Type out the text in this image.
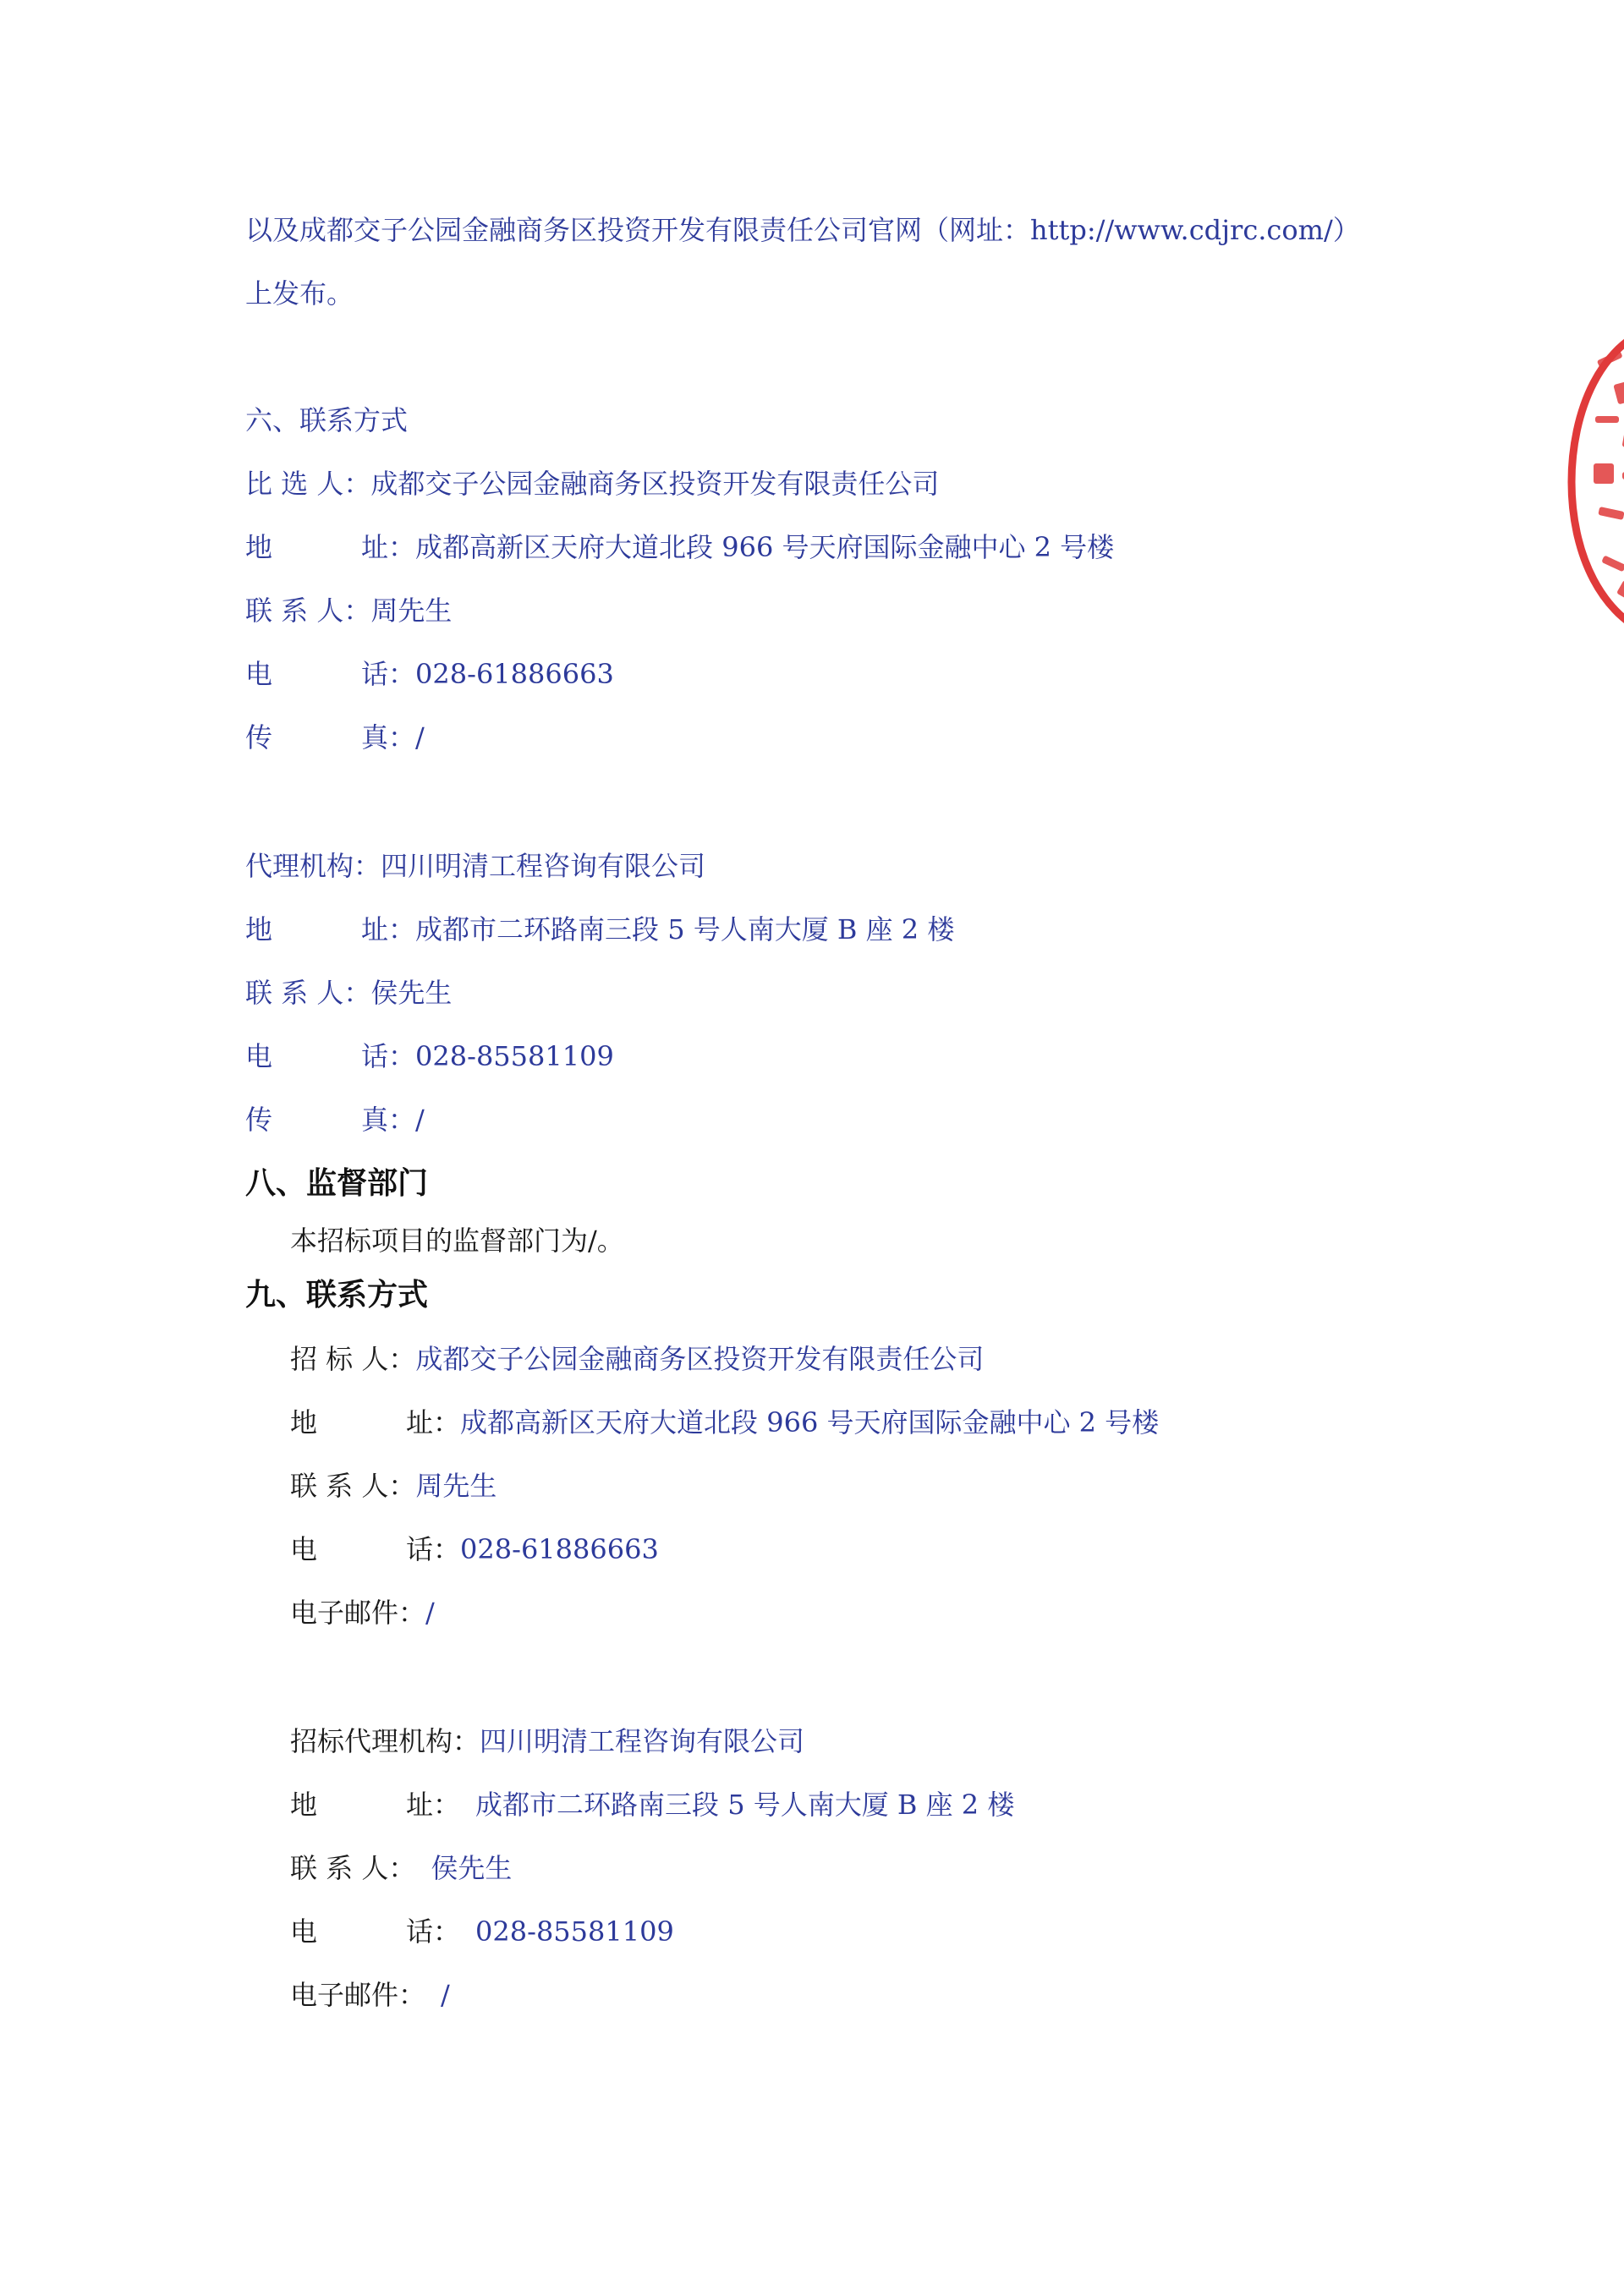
以及成都交子公园金融商务区投资开发有限责任公司官网（网址：http://www.cdjrc.com/）

上发布。

六、联系方式

比 选 人：成都交子公园金融商务区投资开发有限责任公司

地	址：成都高新区天府大道北段 966 号天府国际金融中心 2 号楼

联 系 人：周先生

电	话：028-61886663

传	真：/

代理机构：四川明清工程咨询有限公司

地	址：成都市二环路南三段 5 号人南大厦 B 座 2 楼

联 系 人：侯先生

电	话：028-85581109

传	真：/

八、监督部门

本招标项目的监督部门为/。

九、联系方式

招 标 人：成都交子公园金融商务区投资开发有限责任公司

地	址：成都高新区天府大道北段 966 号天府国际金融中心 2 号楼

联 系 人：周先生

电	话：028-61886663

电子邮件：/

招标代理机构：四川明清工程咨询有限公司

地	址： 成都市二环路南三段 5 号人南大厦 B 座 2 楼

联 系 人： 侯先生

电	话： 028-85581109

电子邮件： /
